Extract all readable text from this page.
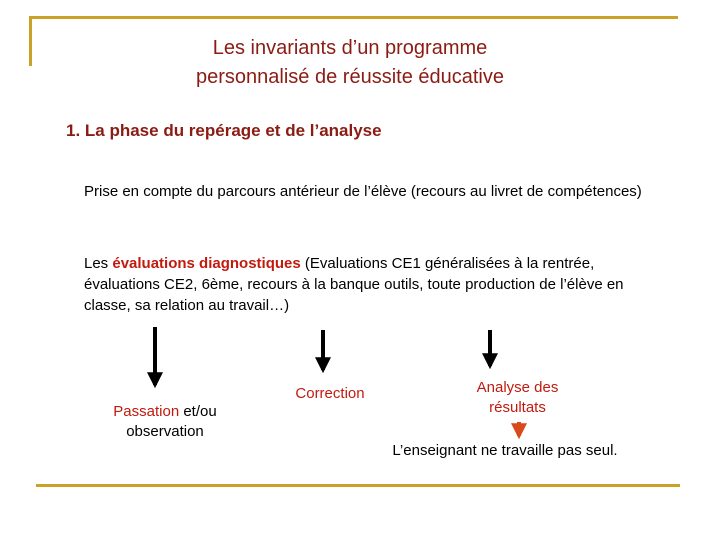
Les invariants d’un programme
personnalisé de réussite éducative
1. La phase du repérage et de l’analyse
Prise en compte du parcours antérieur de l’élève (recours au livret de compétences)
Les évaluations diagnostiques (Evaluations CE1 généralisées à la rentrée, évaluations CE2, 6ème, recours à la banque outils, toute production de l’élève en classe, sa relation au travail…)
Passation et/ou observation
Correction	Analyse des résultats
L’enseignant ne travaille pas seul.
